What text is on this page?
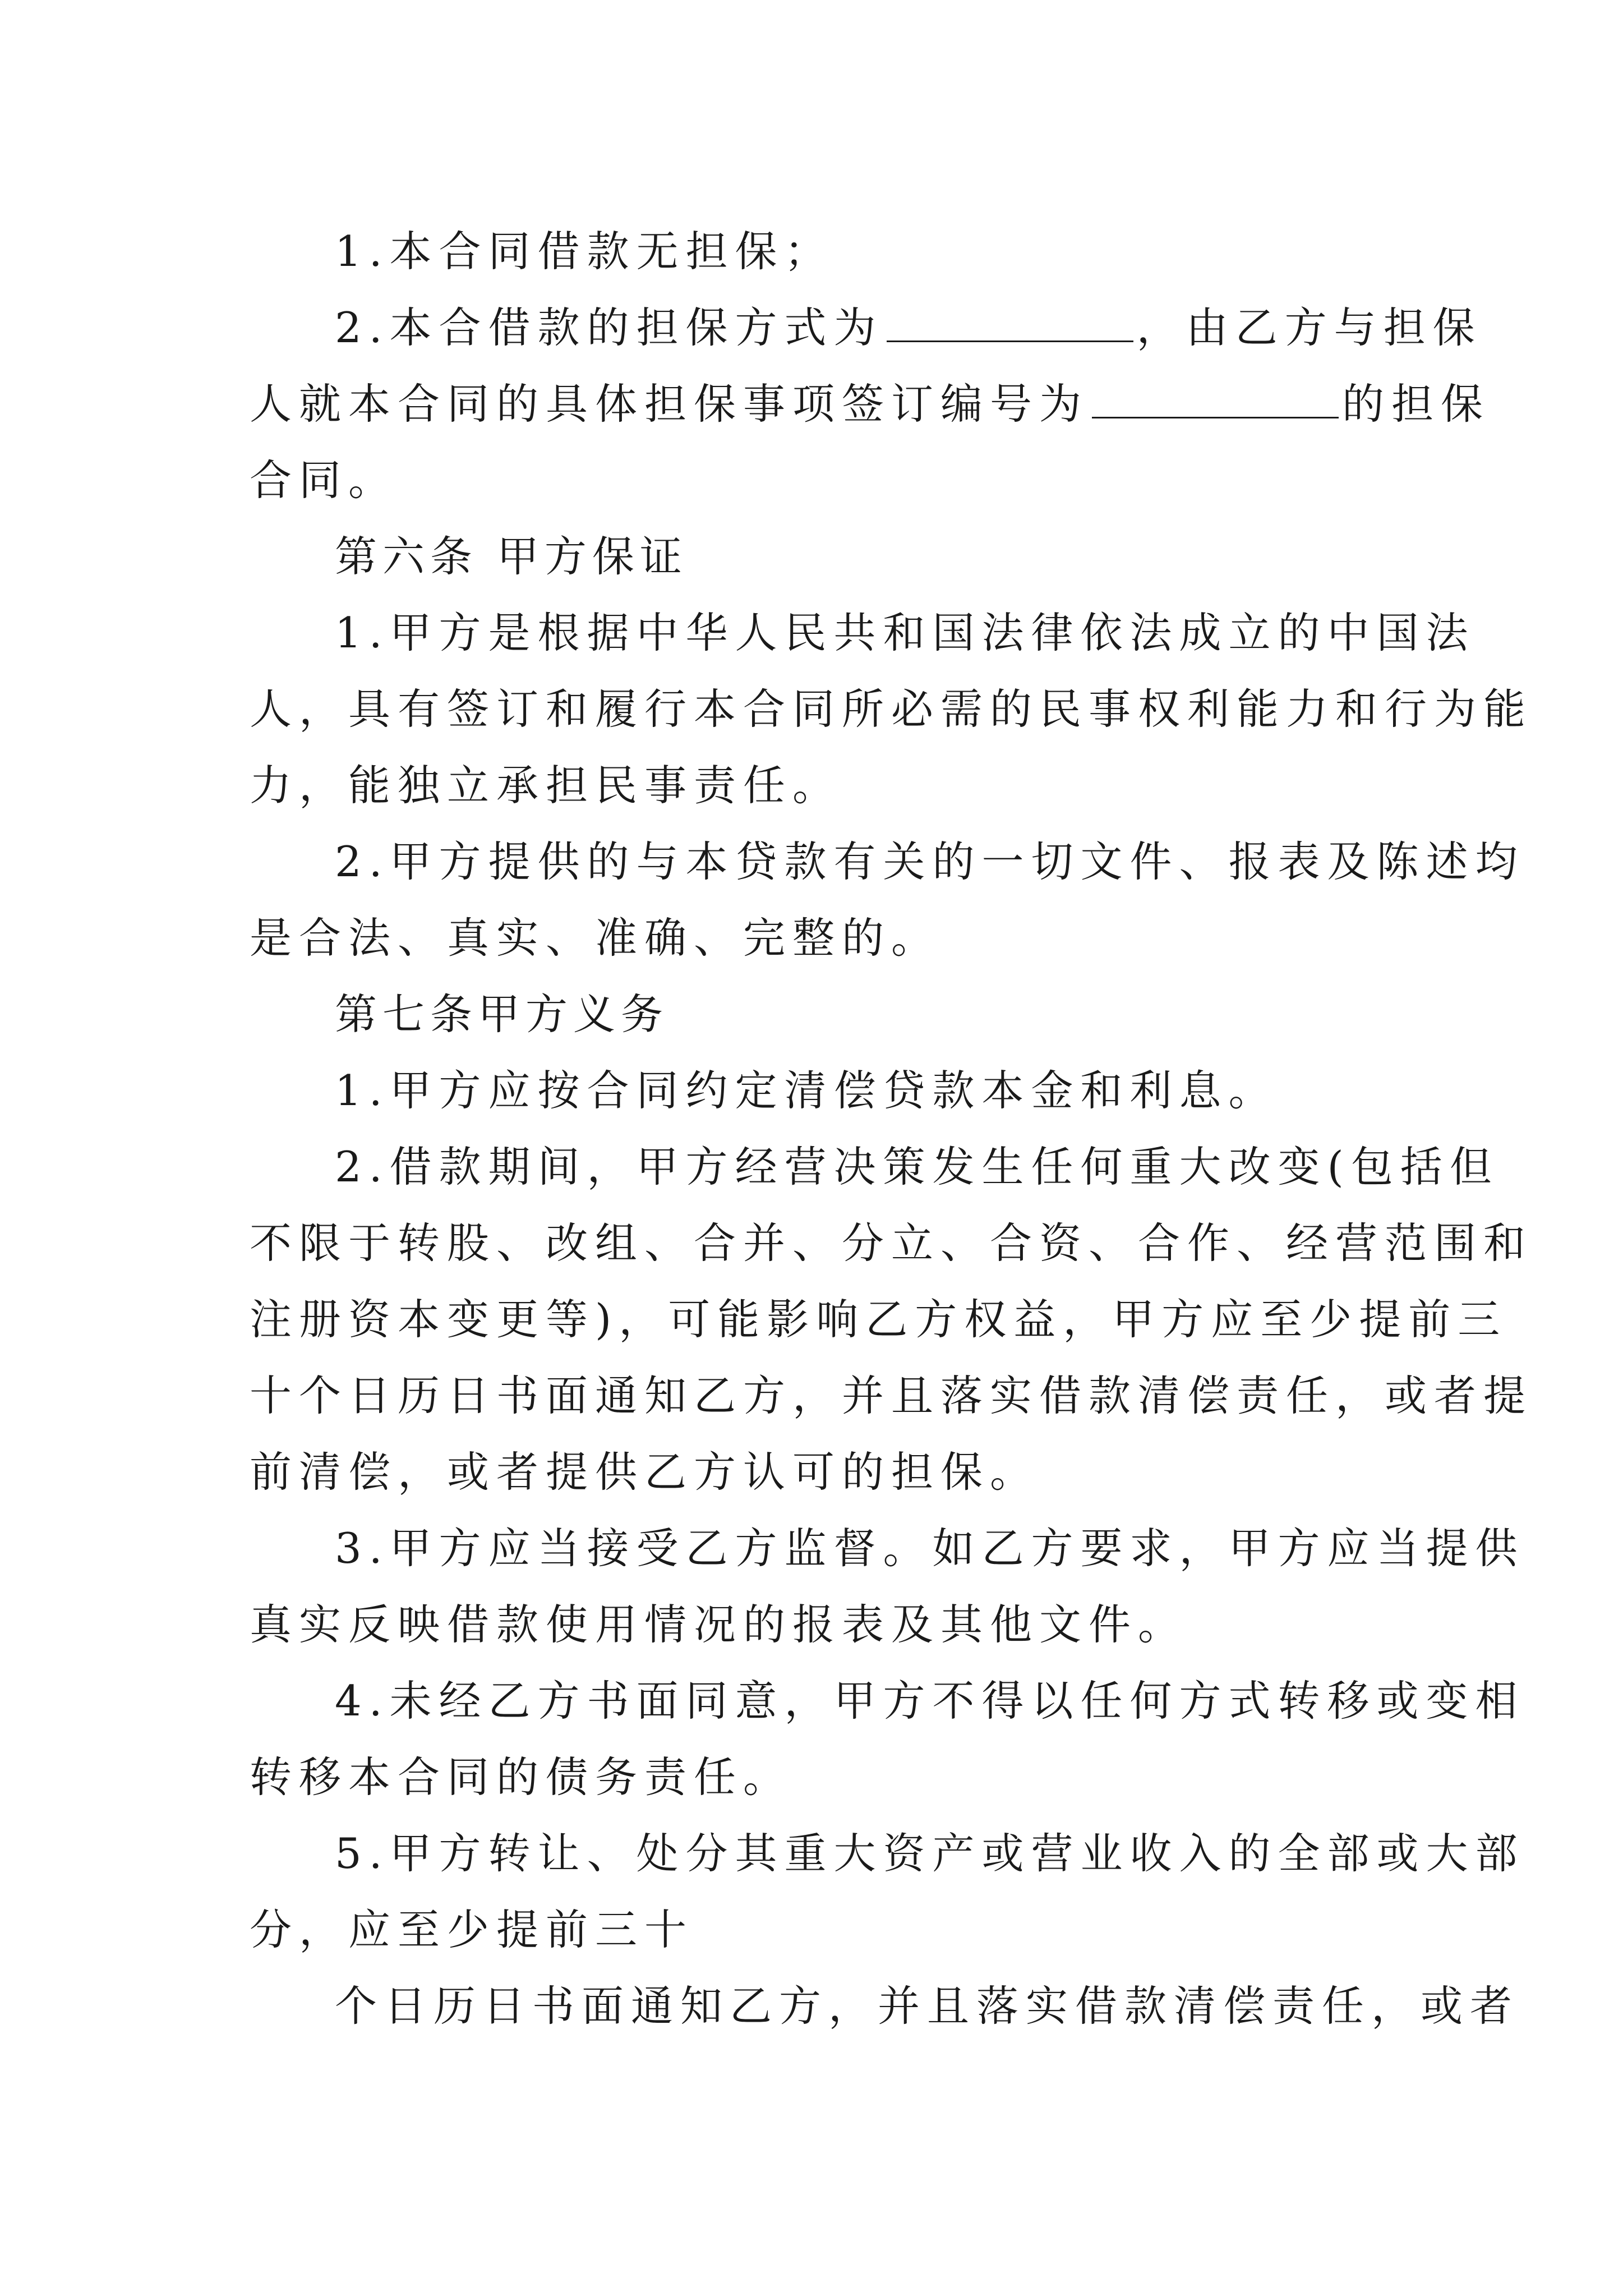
1.本合同借款无担保；
2.本合借款的担保方式为	，由乙方与担保
人就本合同的具体担保事项签订编号为	的担保
合同。
第六条 甲方保证
1.甲方是根据中华人民共和国法律依法成立的中国法
人，具有签订和履行本合同所必需的民事权利能力和行为能
力，能独立承担民事责任。
2.甲方提供的与本贷款有关的一切文件、报表及陈述均
是合法、真实、准确、完整的。
第七条甲方义务
1.甲方应按合同约定清偿贷款本金和利息。
2.借款期间，甲方经营决策发生任何重大改变(包括但
不限于转股、改组、合并、分立、合资、合作、经营范围和
注册资本变更等)，可能影响乙方权益，甲方应至少提前三
十个日历日书面通知乙方，并且落实借款清偿责任，或者提
前清偿，或者提供乙方认可的担保。
3.甲方应当接受乙方监督。如乙方要求，甲方应当提供
真实反映借款使用情况的报表及其他文件。
4.未经乙方书面同意，甲方不得以任何方式转移或变相
转移本合同的债务责任。
5.甲方转让、处分其重大资产或营业收入的全部或大部
分，应至少提前三十
个日历日书面通知乙方，并且落实借款清偿责任，或者
